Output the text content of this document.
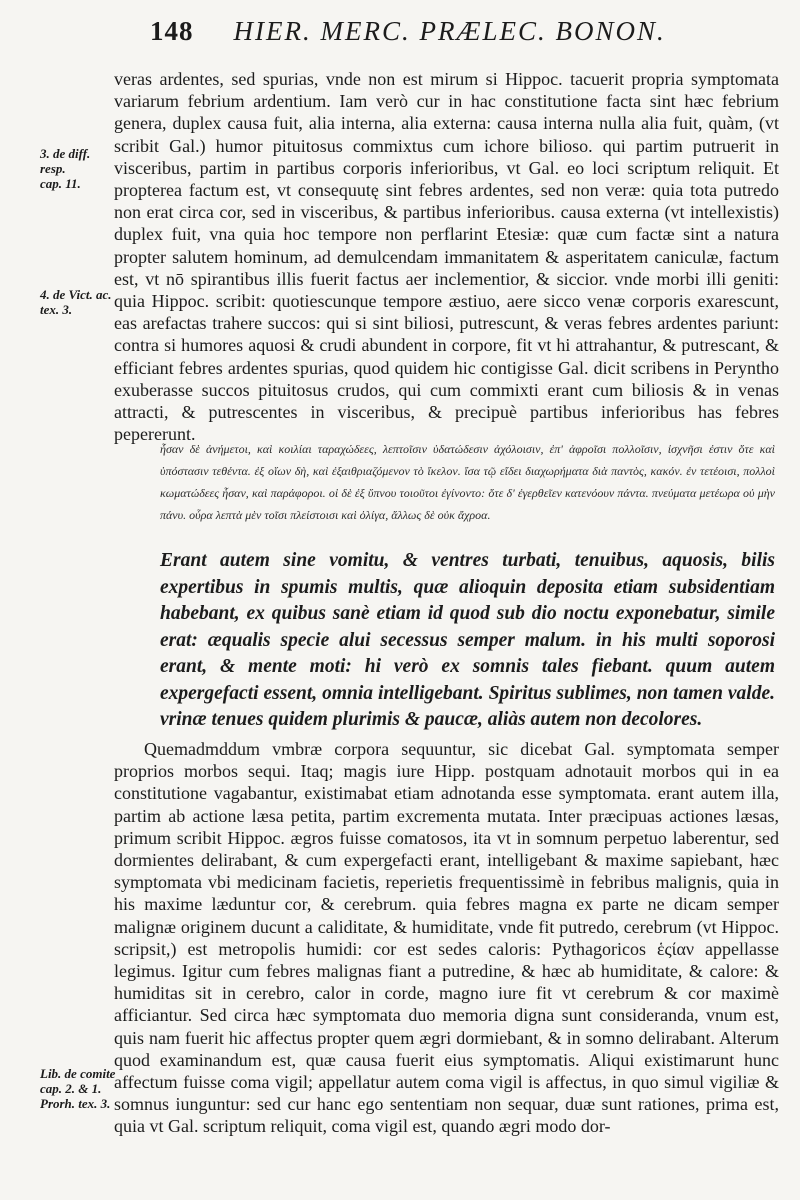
148 HIER. MERC. PRÆLEC. BONON.
3. de diff. resp.
cap. 11.
4. de Vict. ac.
tex. 3.
Lib. de comite
cap. 2. & 1.
Prorh. tex. 3.

veras ardentes, sed spurias, vnde non est mirum si Hippoc. tacuerit propria symptomata variarum febrium ardentium. Iam verò cur in hac constitutione facta sint hæc febrium genera, duplex causa fuit, alia interna, alia externa: causa interna nulla alia fuit, quàm, (vt scribit Gal.) humor pituitosus commixtus cum ichore bilioso. qui partim putruerit in visceribus, partim in partibus corporis inferioribus, vt Gal. eo loci scriptum reliquit. Et propterea factum est, vt consequutę sint febres ardentes, sed non veræ: quia tota putredo non erat circa cor, sed in visceribus, & partibus inferioribus. causa externa (vt intellexistis) duplex fuit, vna quia hoc tempore non perflarint Etesiæ: quæ cum factæ sint a natura propter salutem hominum, ad demulcendam immanitatem & asperitatem caniculæ, factum est, vt nō spirantibus illis fuerit factus aer inclementior, & siccior. vnde morbi illi geniti: quia Hippoc. scribit: quotiescunque tempore æstiuo, aere sicco venæ corporis exarescunt, eas arefactas trahere succos: qui si sint biliosi, putrescunt, & veras febres ardentes pariunt: contra si humores aquosi & crudi abundent in corpore, fit vt hi attrahantur, & putrescant, & efficiant febres ardentes spurias, quod quidem hic contigisse Gal. dicit scribens in Peryntho exuberasse succos pituitosus crudos, qui cum commixti erant cum biliosis & in venas attracti, & putrescentes in visceribus, & precipuè partibus inferioribus has febres pepererunt.

ἦσαν δὲ ἀνήμετοι, καὶ κοιλίαι ταραχώδεες, λεπτοῖσιν ὑδατώδεσιν ἀχόλοισιν, ἐπ' ἀφροῖσι πολλοῖσιν, ἰσχνῆσι ἐστιν ὅτε καὶ ὑπόστασιν τεθέντα. ἐξ οἵων δὴ, καὶ ἐξαιθριαζόμενον τὸ ἴκελον. ἴσα τῷ εἴδει διαχωρήματα διὰ παντὸς, κακόν. ἐν τετέοισι, πολλοὶ κωματώδεες ἦσαν, καὶ παράφοροι. οἱ δὲ ἐξ ὕπνου τοιοῦτοι ἐγίνοντο: ὅτε δ' ἐγερθεῖεν κατενόουν πάντα. πνεύματα μετέωρα οὐ μὴν πάνυ. οὖρα λεπτὰ μὲν τοῖσι πλείστοισι καὶ ὀλίγα, ἄλλως δὲ οὐκ ἄχροα.

Erant autem sine vomitu, & ventres turbati, tenuibus, aquosis, bilis expertibus in spumis multis, quæ alioquin deposita etiam subsidentiam habebant, ex quibus sanè etiam id quod sub dio noctu exponebatur, simile erat: æqualis specie alui secessus semper malum. in his multi soporosi erant, & mente moti: hi verò ex somnis tales fiebant. quum autem expergefacti essent, omnia intelligebant. Spiritus sublimes, non tamen valde. vrinæ tenues quidem plurimis & paucæ, aliàs autem non decolores.

Quemadmddum vmbræ corpora sequuntur, sic dicebat Gal. symptomata semper proprios morbos sequi. Itaq; magis iure Hipp. postquam adnotauit morbos qui in ea constitutione vagabantur, existimabat etiam adnotanda esse symptomata. erant autem illa, partim ab actione læsa petita, partim excrementa mutata. Inter præcipuas actiones læsas, primum scribit Hippoc. ægros fuisse comatosos, ita vt in somnum perpetuo laberentur, sed dormientes delirabant, & cum expergefacti erant, intelligebant & maxime sapiebant, hæc symptomata vbi medicinam facietis, reperietis frequentissimè in febribus malignis, quia in his maxime læduntur cor, & cerebrum. quia febres magna ex parte ne dicam semper malignæ originem ducunt a caliditate, & humiditate, vnde fit putredo, cerebrum (vt Hippoc. scripsit,) est metropolis humidi: cor est sedes caloris: Pythagoricos ἑςίαν appellasse legimus. Igitur cum febres malignas fiant a putredine, & hæc ab humiditate, & calore: & humiditas sit in cerebro, calor in corde, magno iure fit vt cerebrum & cor maximè afficiantur. Sed circa hæc symptomata duo memoria digna sunt consideranda, vnum est, quis nam fuerit hic affectus propter quem ægri dormiebant, & in somno delirabant. Alterum quod examinandum est, quæ causa fuerit eius symptomatis. Aliqui existimarunt hunc affectum fuisse coma vigil; appellatur autem coma vigil is affectus, in quo simul vigiliæ & somnus iunguntur: sed cur hanc ego sententiam non sequar, duæ sunt rationes, prima est, quia vt Gal. scriptum reliquit, coma vigil est, quando ægri modo dor-
